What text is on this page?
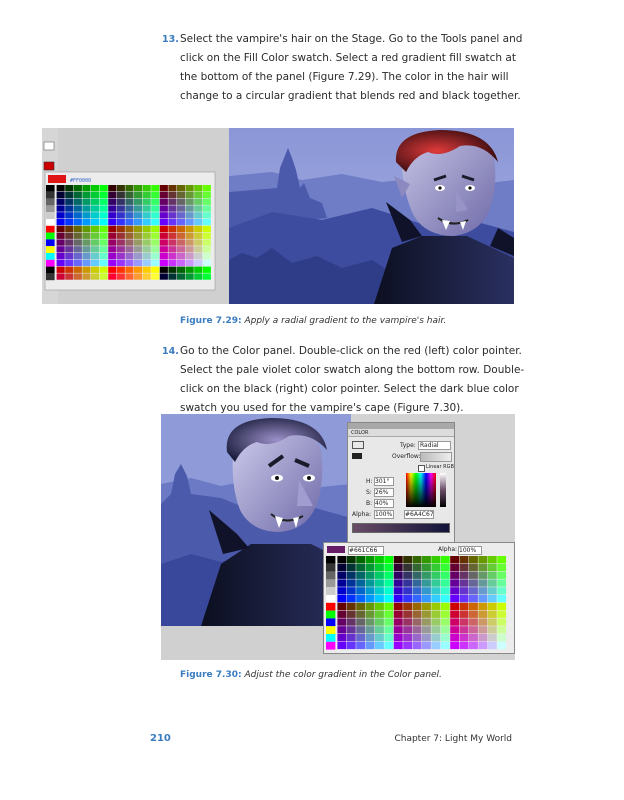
13. Select the vampire's hair on the Stage. Go to the Tools panel and click on the Fill Color swatch. Select a red gradient fill swatch at the bottom of the panel (Figure 7.29). The color in the hair will change to a circular gradient that blends red and black together.
#FF0000
Figure 7.29: Apply a radial gradient to the vampire's hair.
14. Go to the Color panel. Double-click on the red (left) color pointer. Select the pale violet color swatch along the bottom row. Double-click on the black (right) color pointer. Select the dark blue color swatch you used for the vampire's cape (Figure 7.30).
COLOR
Type: Radial
Overflow:
Linear RGB
H: 301°
S: 26%
B: 40%
Alpha: 100%	#6A4C67
#661C66	Alpha: 100%
Figure 7.30: Adjust the color gradient in the Color panel.
210	Chapter 7: Light My World
